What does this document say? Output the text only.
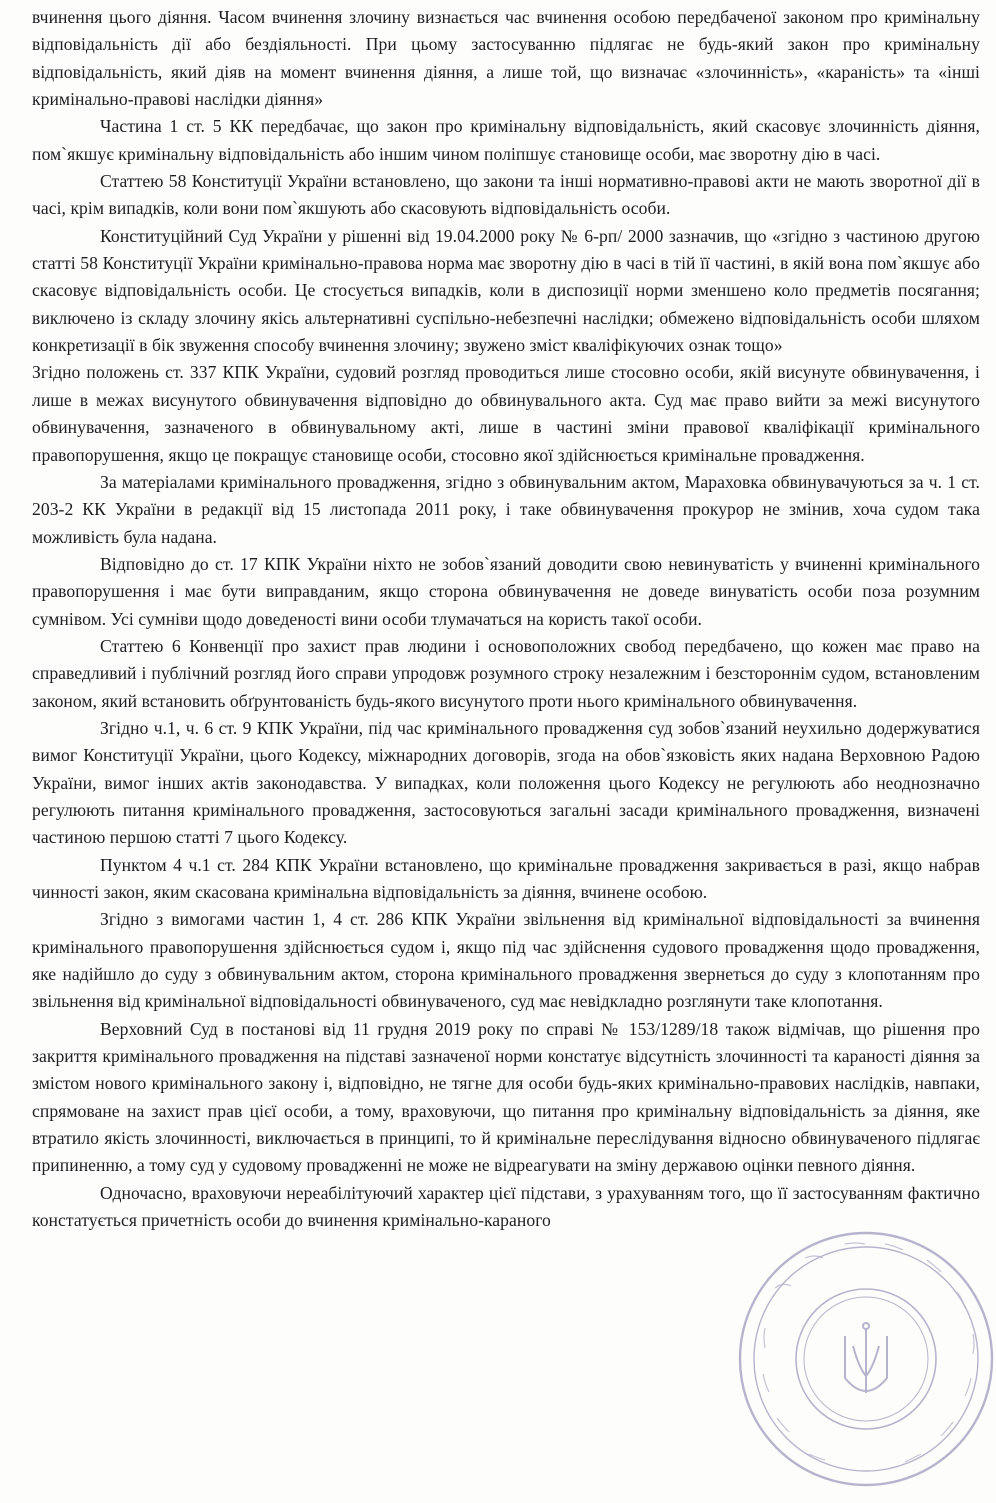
вчинення цього діяння. Часом вчинення злочину визнається час вчинення особою передбаченої законом про кримінальну відповідальність дії або бездіяльності. При цьому застосуванню підлягає не будь-який закон про кримінальну відповідальність, який діяв на момент вчинення діяння, а лише той, що визначає «злочинність», «караність» та «інші кримінально-правові наслідки діяння»

Частина 1 ст. 5 КК передбачає, що закон про кримінальну відповідальність, який скасовує злочинність діяння, пом`якшує кримінальну відповідальність або іншим чином поліпшує становище особи, має зворотну дію в часі.

Статтею 58 Конституції України встановлено, що закони та інші нормативно-правові акти не мають зворотної дії в часі, крім випадків, коли вони пом`якшують або скасовують відповідальність особи.

Конституційний Суд України у рішенні від 19.04.2000 року № 6-рп/ 2000 зазначив, що «згідно з частиною другою статті 58 Конституції України кримінально-правова норма має зворотну дію в часі в тій її частині, в якій вона пом`якшує або скасовує відповідальність особи. Це стосується випадків, коли в диспозиції норми зменшено коло предметів посягання; виключено із складу злочину якісь альтернативні суспільно-небезпечні наслідки; обмежено відповідальність особи шляхом конкретизації в бік звуження способу вчинення злочину; звужено зміст кваліфікуючих ознак тощо»

Згідно положень ст. 337 КПК України, судовий розгляд проводиться лише стосовно особи, якій висунуте обвинувачення, і лише в межах висунутого обвинувачення відповідно до обвинувального акта. Суд має право вийти за межі висунутого обвинувачення, зазначеного в обвинувальному акті, лише в частині зміни правової кваліфікації кримінального правопорушення, якщо це покращує становище особи, стосовно якої здійснюється кримінальне провадження.

За матеріалами кримінального провадження, згідно з обвинувальним актом, Мараховка обвинувачуються за ч. 1 ст. 203-2 КК України в редакції від 15 листопада 2011 року, і таке обвинувачення прокурор не змінив, хоча судом така можливість була надана.

Відповідно до ст. 17 КПК України ніхто не зобов`язаний доводити свою невинуватість у вчиненні кримінального правопорушення і має бути виправданим, якщо сторона обвинувачення не доведе винуватість особи поза розумним сумнівом. Усі сумніви щодо доведеності вини особи тлумачаться на користь такої особи.

Статтею 6 Конвенції про захист прав людини і основоположних свобод передбачено, що кожен має право на справедливий і публічний розгляд його справи упродовж розумного строку незалежним і безстороннім судом, встановленим законом, який встановить обґрунтованість будь-якого висунутого проти нього кримінального обвинувачення.

Згідно ч.1, ч. 6 ст. 9 КПК України, під час кримінального провадження суд зобов`язаний неухильно додержуватися вимог Конституції України, цього Кодексу, міжнародних договорів, згода на обов`язковість яких надана Верховною Радою України, вимог інших актів законодавства. У випадках, коли положення цього Кодексу не регулюють або неоднозначно регулюють питання кримінального провадження, застосовуються загальні засади кримінального провадження, визначені частиною першою статті 7 цього Кодексу.

Пунктом 4 ч.1 ст. 284 КПК України встановлено, що кримінальне провадження закривається в разі, якщо набрав чинності закон, яким скасована кримінальна відповідальність за діяння, вчинене особою.

Згідно з вимогами частин 1, 4 ст. 286 КПК України звільнення від кримінальної відповідальності за вчинення кримінального правопорушення здійснюється судом і, якщо під час здійснення судового провадження щодо провадження, яке надійшло до суду з обвинувальним актом, сторона кримінального провадження звернеться до суду з клопотанням про звільнення від кримінальної відповідальності обвинуваченого, суд має невідкладно розглянути таке клопотання.

Верховний Суд в постанові від 11 грудня 2019 року по справі № 153/1289/18 також відмічав, що рішення про закриття кримінального провадження на підставі зазначеної норми констатує відсутність злочинності та караності діяння за змістом нового кримінального закону і, відповідно, не тягне для особи будь-яких кримінально-правових наслідків, навпаки, спрямоване на захист прав цієї особи, а тому, враховуючи, що питання про кримінальну відповідальність за діяння, яке втратило якість злочинності, виключається в принципі, то й кримінальне переслідування відносно обвинуваченого підлягає припиненню, а тому суд у судовому провадженні не може не відреагувати на зміну державою оцінки певного діяння.

Одночасно, враховуючи нереабілітуючий характер цієї підстави, з урахуванням того, що її застосуванням фактично констатується причетність особи до вчинення кримінально-караного
